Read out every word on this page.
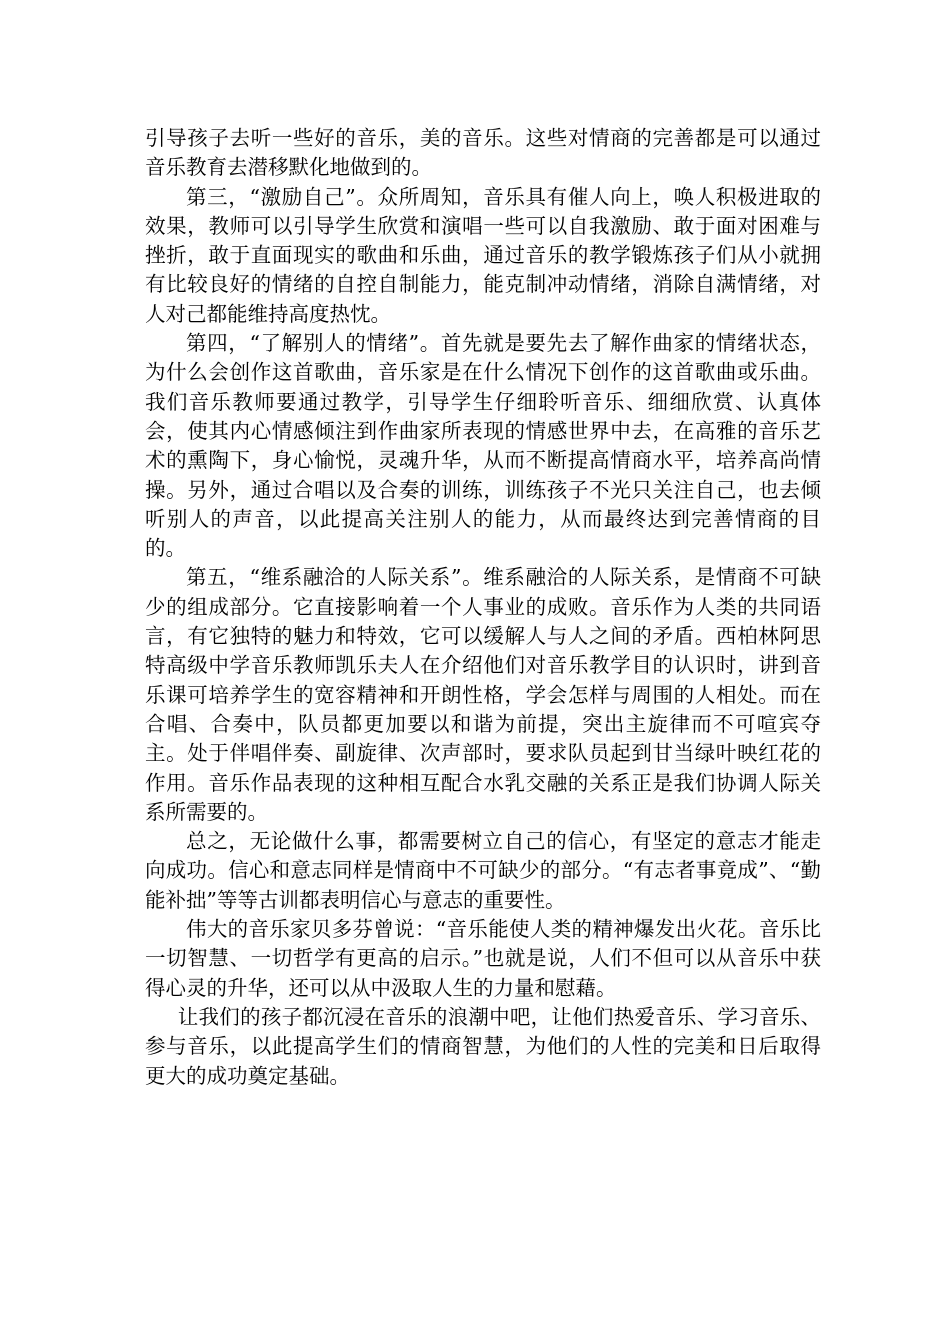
引导孩子去听一些好的音乐，美的音乐。这些对情商的完善都是可以通过音乐教育去潜移默化地做到的。

第三，“激励自己”。众所周知，音乐具有催人向上，唤人积极进取的效果，教师可以引导学生欣赏和演唱一些可以自我激励、敢于面对困难与挫折，敢于直面现实的歌曲和乐曲，通过音乐的教学锻炼孩子们从小就拥有比较良好的情绪的自控自制能力，能克制冲动情绪，消除自满情绪，对人对己都能维持高度热忱。

第四，“了解别人的情绪”。首先就是要先去了解作曲家的情绪状态，为什么会创作这首歌曲，音乐家是在什么情况下创作的这首歌曲或乐曲。我们音乐教师要通过教学，引导学生仔细聆听音乐、细细欣赏、认真体会，使其内心情感倾注到作曲家所表现的情感世界中去，在高雅的音乐艺术的熏陶下，身心愉悦，灵魂升华，从而不断提高情商水平，培养高尚情操。另外，通过合唱以及合奏的训练，训练孩子不光只关注自己，也去倾听别人的声音，以此提高关注别人的能力，从而最终达到完善情商的目的。

第五，“维系融洽的人际关系”。维系融洽的人际关系，是情商不可缺少的组成部分。它直接影响着一个人事业的成败。音乐作为人类的共同语言，有它独特的魅力和特效，它可以缓解人与人之间的矛盾。西柏林阿思特高级中学音乐教师凯乐夫人在介绍他们对音乐教学目的认识时，讲到音乐课可培养学生的宽容精神和开朗性格，学会怎样与周围的人相处。而在合唱、合奏中，队员都更加要以和谐为前提，突出主旋律而不可喧宾夺主。处于伴唱伴奏、副旋律、次声部时，要求队员起到甘当绿叶映红花的作用。音乐作品表现的这种相互配合水乳交融的关系正是我们协调人际关系所需要的。

总之，无论做什么事，都需要树立自己的信心，有坚定的意志才能走向成功。信心和意志同样是情商中不可缺少的部分。“有志者事竟成”、“勤能补拙”等等古训都表明信心与意志的重要性。

伟大的音乐家贝多芬曾说：“音乐能使人类的精神爆发出火花。音乐比一切智慧、一切哲学有更高的启示。”也就是说，人们不但可以从音乐中获得心灵的升华，还可以从中汲取人生的力量和慰藉。

让我们的孩子都沉浸在音乐的浪潮中吧，让他们热爱音乐、学习音乐、参与音乐，以此提高学生们的情商智慧，为他们的人性的完美和日后取得更大的成功奠定基础。
